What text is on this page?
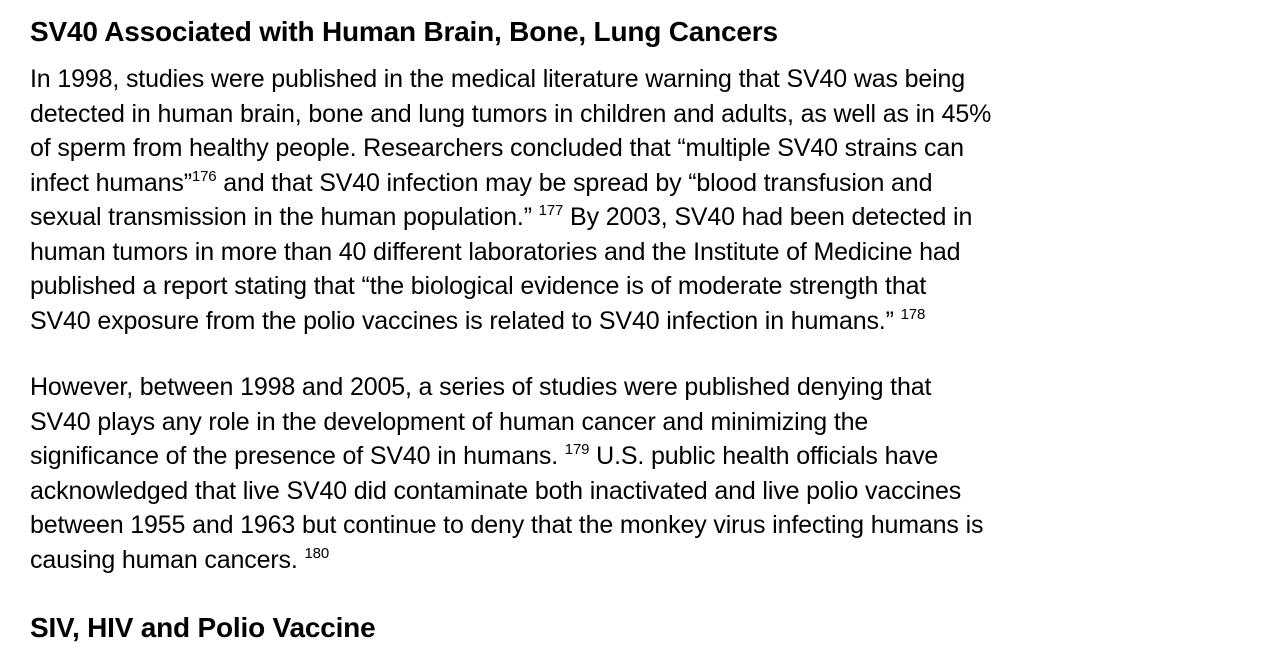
SV40 Associated with Human Brain, Bone, Lung Cancers

In 1998, studies were published in the medical literature warning that SV40 was being
detected in human brain, bone and lung tumors in children and adults, as well as in 45%
of sperm from healthy people. Researchers concluded that “multiple SV40 strains can
infect humans”$^{176}$ and that SV40 infection may be spread by “blood transfusion and
sexual transmission in the human population.” $^{177}$ By 2003, SV40 had been detected in
human tumors in more than 40 different laboratories and the Institute of Medicine had
published a report stating that “the biological evidence is of moderate strength that
SV40 exposure from the polio vaccines is related to SV40 infection in humans.” $^{178}$

However, between 1998 and 2005, a series of studies were published denying that
SV40 plays any role in the development of human cancer and minimizing the
significance of the presence of SV40 in humans. $^{179}$ U.S. public health officials have
acknowledged that live SV40 did contaminate both inactivated and live polio vaccines
between 1955 and 1963 but continue to deny that the monkey virus infecting humans is
causing human cancers. $^{180}$

SIV, HIV and Polio Vaccine
